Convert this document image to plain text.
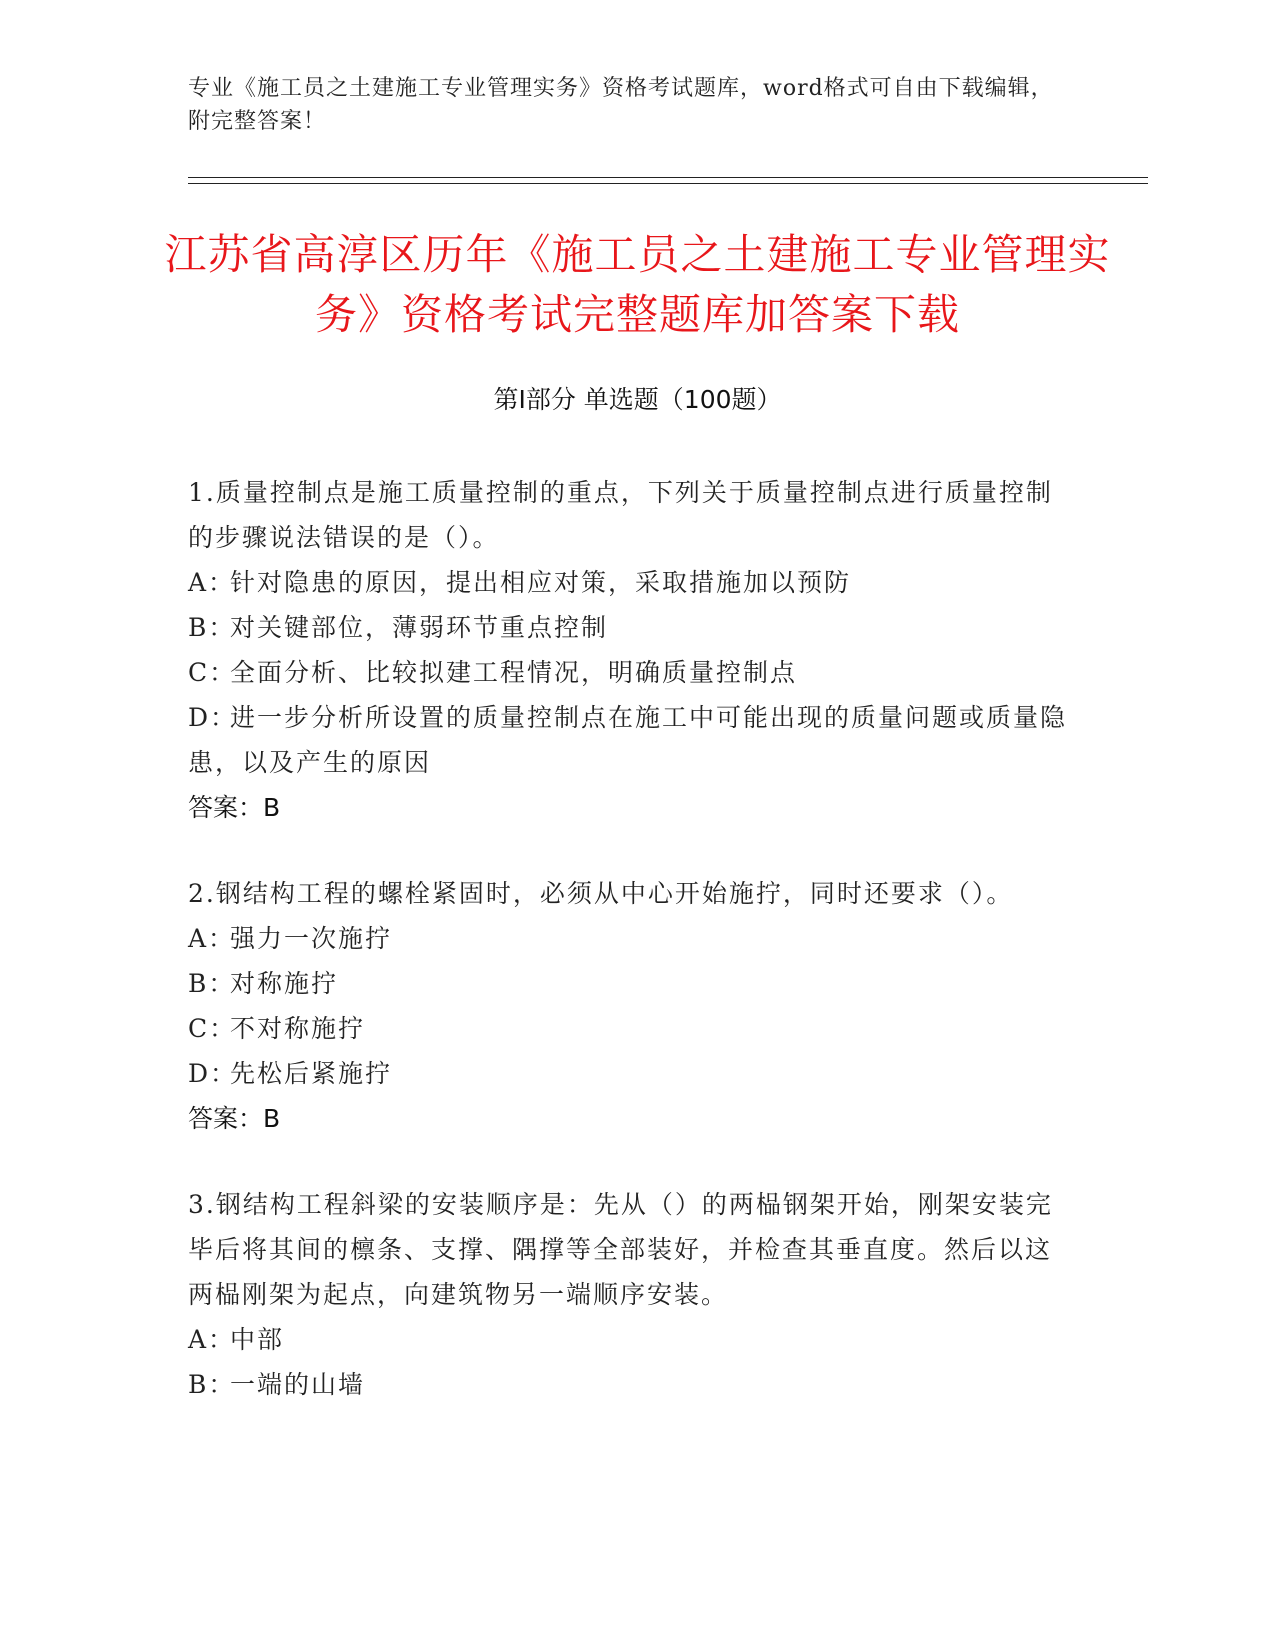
专业《施工员之土建施工专业管理实务》资格考试题库，word格式可自由下载编辑，附完整答案！
江苏省高淳区历年《施工员之土建施工专业管理实务》资格考试完整题库加答案下载
第Ⅰ部分 单选题（100题）
1.质量控制点是施工质量控制的重点，下列关于质量控制点进行质量控制的步骤说法错误的是（）。
A：针对隐患的原因，提出相应对策，采取措施加以预防
B：对关键部位，薄弱环节重点控制
C：全面分析、比较拟建工程情况，明确质量控制点
D：进一步分析所设置的质量控制点在施工中可能出现的质量问题或质量隐患，以及产生的原因
答案：B
2.钢结构工程的螺栓紧固时，必须从中心开始施拧，同时还要求（）。
A：强力一次施拧
B：对称施拧
C：不对称施拧
D：先松后紧施拧
答案：B
3.钢结构工程斜梁的安装顺序是：先从（）的两榀钢架开始，刚架安装完毕后将其间的檩条、支撑、隅撑等全部装好，并检查其垂直度。然后以这两榀刚架为起点，向建筑物另一端顺序安装。
A：中部
B：一端的山墙
